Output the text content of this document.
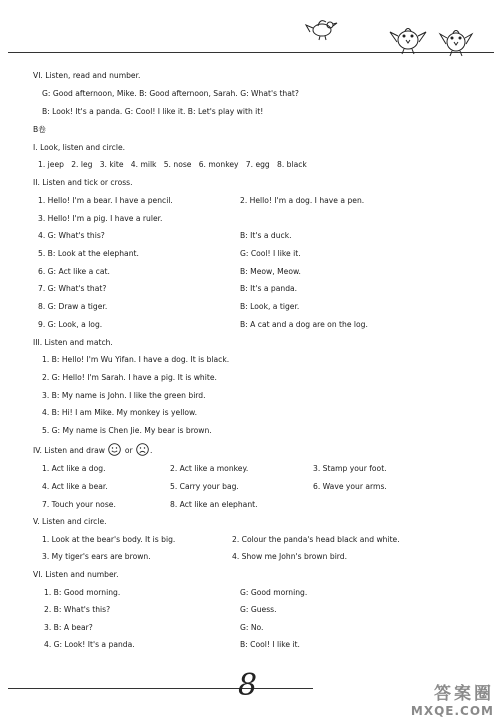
VI. Listen, read and number.
G: Good afternoon, Mike. B: Good afternoon, Sarah. G: What's that?
B: Look! It's a panda. G: Cool! I like it. B: Let's play with it!
B卷
I. Look, listen and circle.
1. jeep 2. leg 3. kite 4. milk 5. nose 6. monkey 7. egg 8. black
II. Listen and tick or cross.
1. Hello! I'm a bear. I have a pencil.	2. Hello! I'm a dog. I have a pen.
3. Hello! I'm a pig. I have a ruler.
4. G: What's this?	B: It's a duck.
5. B: Look at the elephant.	G: Cool! I like it.
6. G: Act like a cat.	B: Meow, Meow.
7. G: What's that?	B: It's a panda.
8. G: Draw a tiger.	B: Look, a tiger.
9. G: Look, a log.	B: A cat and a dog are on the log.
III. Listen and match.
1. B: Hello! I'm Wu Yifan. I have a dog. It is black.
2. G: Hello! I'm Sarah. I have a pig. It is white.
3. B: My name is John. I like the green bird.
4. B: Hi! I am Mike. My monkey is yellow.
5. G: My name is Chen Jie. My bear is brown.
IV. Listen and draw	or .
1. Act like a dog.	2. Act like a monkey.	3. Stamp your foot.
4. Act like a bear.	5. Carry your bag.	6. Wave your arms.
7. Touch your nose.	8. Act like an elephant.
V. Listen and circle.
1. Look at the bear's body. It is big.	2. Colour the panda's head black and white.
3. My tiger's ears are brown.	4. Show me John's brown bird.
VI. Listen and number.
1. B: Good morning.	G: Good morning.
2. B: What's this?	G: Guess.
3. B: A bear?	G: No.
4. G: Look! It's a panda.	B: Cool! I like it.
8	答案圈
MXQE.COM
